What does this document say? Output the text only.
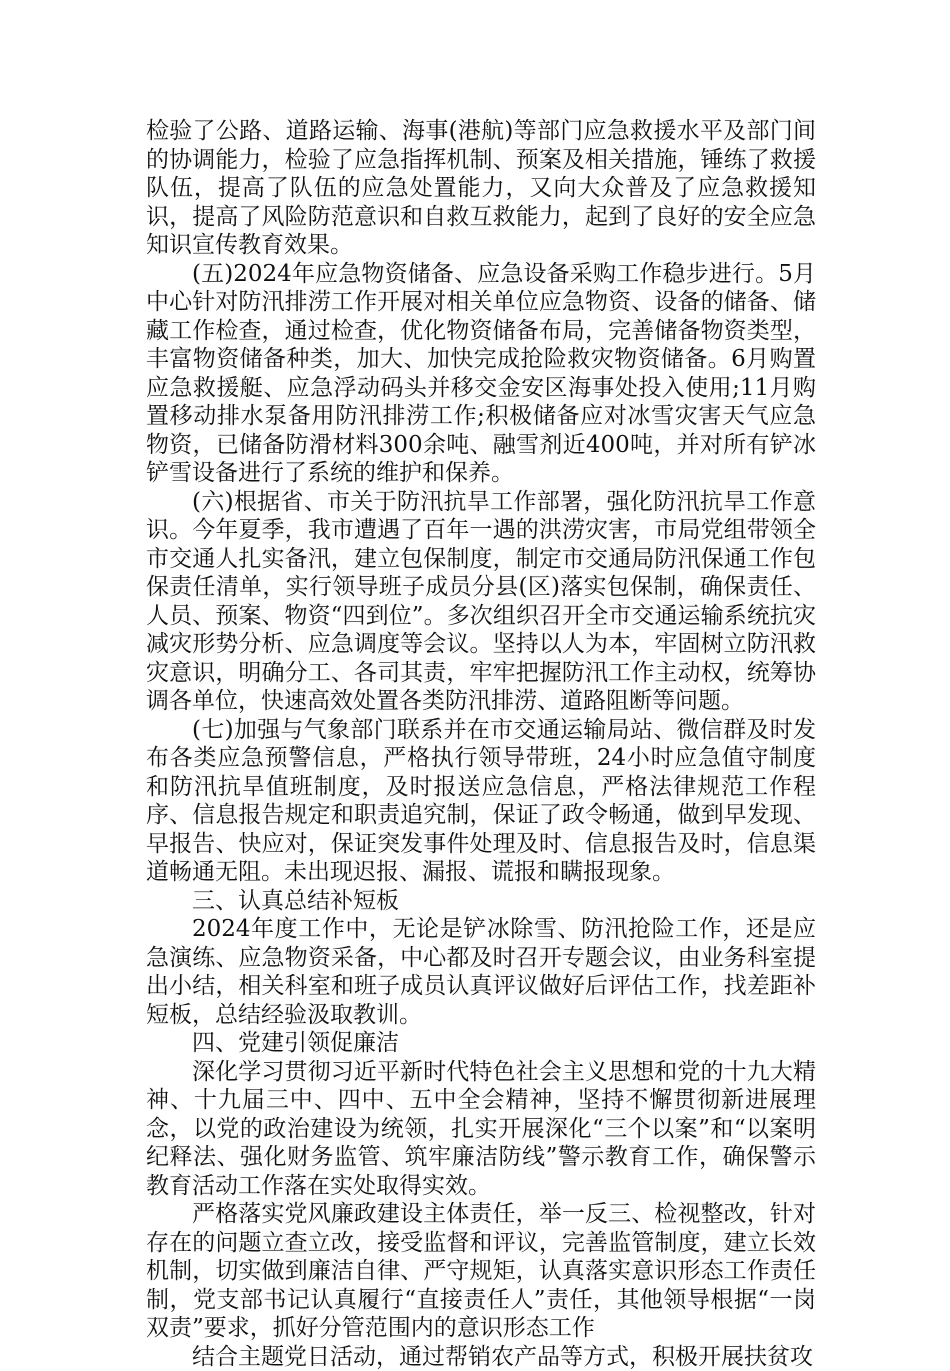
检验了公路、道路运输、海事(港航)等部门应急救援水平及部门间的协调能力，检验了应急指挥机制、预案及相关措施，锤练了救援队伍，提高了队伍的应急处置能力，又向大众普及了应急救援知识，提高了风险防范意识和自救互救能力，起到了良好的安全应急知识宣传教育效果。

(五)2024年应急物资储备、应急设备采购工作稳步进行。5月中心针对防汛排涝工作开展对相关单位应急物资、设备的储备、储藏工作检查，通过检查，优化物资储备布局，完善储备物资类型，丰富物资储备种类，加大、加快完成抢险救灾物资储备。6月购置应急救援艇、应急浮动码头并移交金安区海事处投入使用;11月购置移动排水泵备用防汛排涝工作;积极储备应对冰雪灾害天气应急物资，已储备防滑材料300余吨、融雪剂近400吨，并对所有铲冰铲雪设备进行了系统的维护和保养。

(六)根据省、市关于防汛抗旱工作部署，强化防汛抗旱工作意识。今年夏季，我市遭遇了百年一遇的洪涝灾害，市局党组带领全市交通人扎实备汛，建立包保制度，制定市交通局防汛保通工作包保责任清单，实行领导班子成员分县(区)落实包保制，确保责任、人员、预案、物资“四到位”。多次组织召开全市交通运输系统抗灾减灾形势分析、应急调度等会议。坚持以人为本，牢固树立防汛救灾意识，明确分工、各司其责，牢牢把握防汛工作主动权，统筹协调各单位，快速高效处置各类防汛排涝、道路阻断等问题。

(七)加强与气象部门联系并在市交通运输局站、微信群及时发布各类应急预警信息，严格执行领导带班，24小时应急值守制度和防汛抗旱值班制度，及时报送应急信息，严格法律规范工作程序、信息报告规定和职责追究制，保证了政令畅通，做到早发现、早报告、快应对，保证突发事件处理及时、信息报告及时，信息渠道畅通无阻。未出现迟报、漏报、谎报和瞒报现象。

三、认真总结补短板

2024年度工作中，无论是铲冰除雪、防汛抢险工作，还是应急演练、应急物资采备，中心都及时召开专题会议，由业务科室提出小结，相关科室和班子成员认真评议做好后评估工作，找差距补短板，总结经验汲取教训。

四、党建引领促廉洁

深化学习贯彻习近平新时代特色社会主义思想和党的十九大精神、十九届三中、四中、五中全会精神，坚持不懈贯彻新进展理念，以党的政治建设为统领，扎实开展深化“三个以案”和“以案明纪释法、强化财务监管、筑牢廉洁防线”警示教育工作，确保警示教育活动工作落在实处取得实效。

严格落实党风廉政建设主体责任，举一反三、检视整改，针对存在的问题立查立改，接受监督和评议，完善监管制度，建立长效机制，切实做到廉洁自律、严守规矩，认真落实意识形态工作责任制，党支部书记认真履行“直接责任人”责任，其他领导根据“一岗双责”要求，抓好分管范围内的意识形态工作

结合主题党日活动，通过帮销农产品等方式，积极开展扶贫攻
